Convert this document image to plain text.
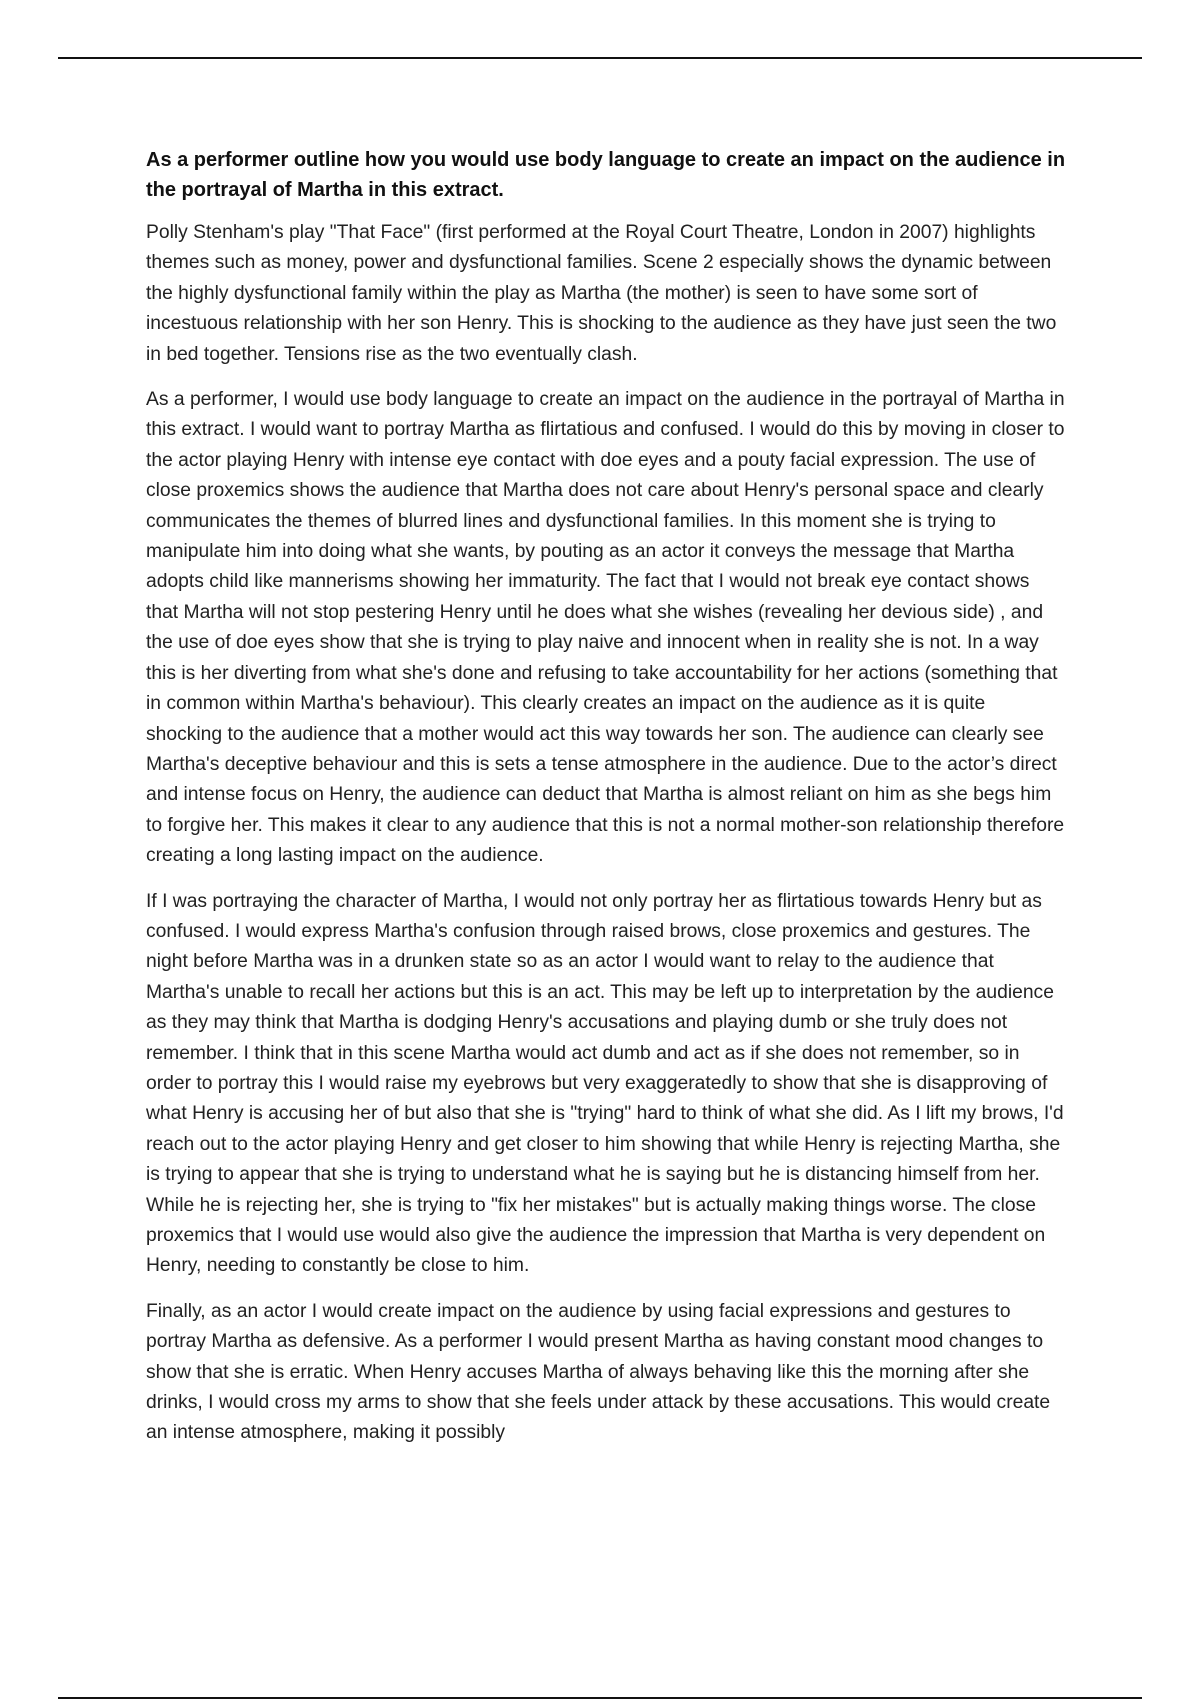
As a performer outline how you would use body language to create an impact on the audience in the portrayal of Martha in this extract.

Polly Stenham's play "That Face" (first performed at the Royal Court Theatre, London in 2007) highlights themes such as money, power and dysfunctional families. Scene 2 especially shows the dynamic between the highly dysfunctional family within the play as Martha (the mother) is seen to have some sort of incestuous relationship with her son Henry. This is shocking to the audience as they have just seen the two in bed together. Tensions rise as the two eventually clash.

As a performer, I would use body language to create an impact on the audience in the portrayal of Martha in this extract. I would want to portray Martha as flirtatious and confused. I would do this by moving in closer to the actor playing Henry with intense eye contact with doe eyes and a pouty facial expression. The use of close proxemics shows the audience that Martha does not care about Henry's personal space and clearly communicates the themes of blurred lines and dysfunctional families. In this moment she is trying to manipulate him into doing what she wants, by pouting as an actor it conveys the message that Martha adopts child like mannerisms showing her immaturity. The fact that I would not break eye contact shows that Martha will not stop pestering Henry until he does what she wishes (revealing her devious side) , and the use of doe eyes show that she is trying to play naive and innocent when in reality she is not. In a way this is her diverting from what she's done and refusing to take accountability for her actions (something that in common within Martha's behaviour). This clearly creates an impact on the audience as it is quite shocking to the audience that a mother would act this way towards her son. The audience can clearly see Martha's deceptive behaviour and this is sets a tense atmosphere in the audience. Due to the actor’s direct and intense focus on Henry, the audience can deduct that Martha is almost reliant on him as she begs him to forgive her. This makes it clear to any audience that this is not a normal mother-son relationship therefore creating a long lasting impact on the audience.

If I was portraying the character of Martha, I would not only portray her as flirtatious towards Henry but as confused. I would express Martha's confusion through raised brows, close proxemics and gestures. The night before Martha was in a drunken state so as an actor I would want to relay to the audience that Martha's unable to recall her actions but this is an act. This may be left up to interpretation by the audience as they may think that Martha is dodging Henry's accusations and playing dumb or she truly does not remember. I think that in this scene Martha would act dumb and act as if she does not remember, so in order to portray this I would raise my eyebrows but very exaggeratedly to show that she is disapproving of what Henry is accusing her of but also that she is "trying" hard to think of what she did. As I lift my brows, I'd reach out to the actor playing Henry and get closer to him showing that while Henry is rejecting Martha, she is trying to appear that she is trying to understand what he is saying but he is distancing himself from her. While he is rejecting her, she is trying to "fix her mistakes" but is actually making things worse. The close proxemics that I would use would also give the audience the impression that Martha is very dependent on Henry, needing to constantly be close to him.

Finally, as an actor I would create impact on the audience by using facial expressions and gestures to portray Martha as defensive. As a performer I would present Martha as having constant mood changes to show that she is erratic. When Henry accuses Martha of always behaving like this the morning after she drinks, I would cross my arms to show that she feels under attack by these accusations. This would create an intense atmosphere, making it possibly
